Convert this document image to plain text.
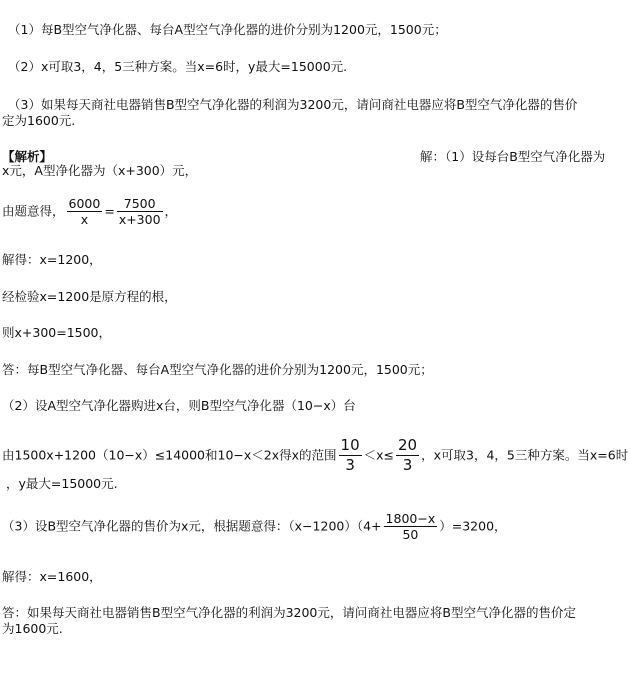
（1）每B型空气净化器、每台A型空气净化器的进价分别为1200元，1500元；
（2）x可取3，4，5三种方案。当x=6时，y最大=15000元.
（3）如果每天商社电器销售B型空气净化器的利润为3200元，请问商社电器应将B型空气净化器的售价
定为1600元.
【解析】	解：（1）设每台B型空气净化器为
x元，A型净化器为（x+300）元，
由题意得， $\frac{6000}{x} = \frac{7500}{x+300}$ ，
解得：x=1200，
经检验x=1200是原方程的根，
则x+300=1500，
答：每B型空气净化器、每台A型空气净化器的进价分别为1200元，1500元；
（2）设A型空气净化器购进x台，则B型空气净化器（10−x）台
由1500x+1200（10−x）≤14000和10−x＜2x得x的范围 $\frac{10}{3} <x\le \frac{20}{3}$ ，x可取3，4，5三种方案。当x=6时
，y最大=15000元.
（3）设B型空气净化器的售价为x元，根据题意得：$(x-1200)(4+ \frac{1800-x}{50} )=3200$，
解得：x=1600，
答：如果每天商社电器销售B型空气净化器的利润为3200元，请问商社电器应将B型空气净化器的售价定
为1600元.
